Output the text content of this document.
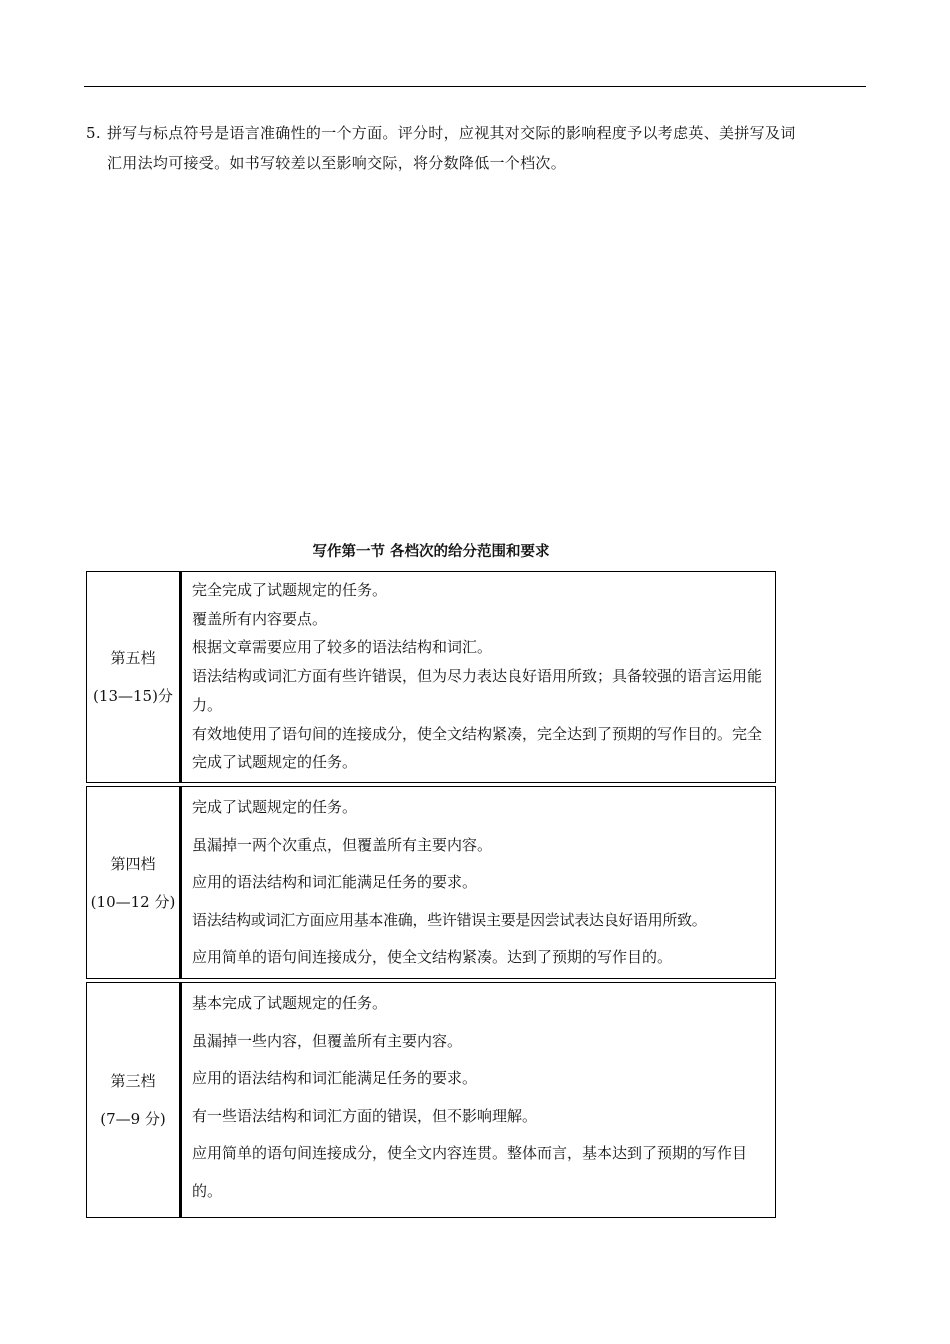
5. 拼写与标点符号是语言准确性的一个方面。评分时，应视其对交际的影响程度予以考虑英、美拼写及词
汇用法均可接受。如书写较差以至影响交际，将分数降低一个档次。
写作第一节 各档次的给分范围和要求
第五档
(13—15)分

完全完成了试题规定的任务。

覆盖所有内容要点。

根据文章需要应用了较多的语法结构和词汇。

语法结构或词汇方面有些许错误，但为尽力表达良好语用所致；具备较强的语言运用能力。

有效地使用了语句间的连接成分，使全文结构紧凑，完全达到了预期的写作目的。完全完成了试题规定的任务。

第四档
(10—12 分)

完成了试题规定的任务。

虽漏掉一两个次重点，但覆盖所有主要内容。

应用的语法结构和词汇能满足任务的要求。

语法结构或词汇方面应用基本准确，些许错误主要是因尝试表达良好语用所致。

应用简单的语句间连接成分，使全文结构紧凑。达到了预期的写作目的。

第三档
(7—9 分)

基本完成了试题规定的任务。

虽漏掉一些内容，但覆盖所有主要内容。

应用的语法结构和词汇能满足任务的要求。

有一些语法结构和词汇方面的错误，但不影响理解。

应用简单的语句间连接成分，使全文内容连贯。整体而言，基本达到了预期的写作目的。
